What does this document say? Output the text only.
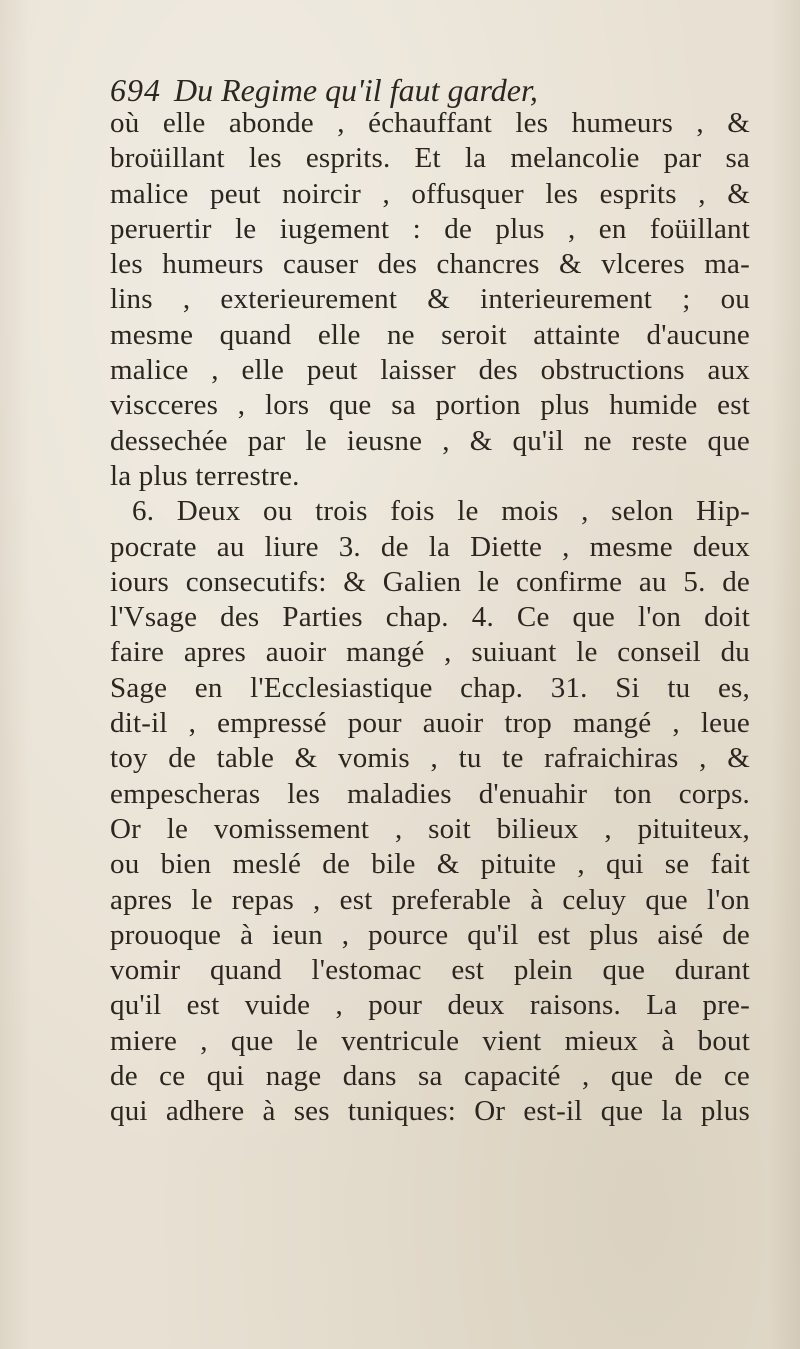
694 Du Regime qu'il faut garder,
où elle abonde , échauffant les humeurs , &
broüillant les esprits. Et la melancolie par sa
malice peut noircir , offusquer les esprits , &
peruertir le iugement : de plus , en foüillant
les humeurs causer des chancres & vlceres ma-
lins , exterieurement & interieurement ; ou
mesme quand elle ne seroit attainte d'aucune
malice , elle peut laisser des obstructions aux
viscceres , lors que sa portion plus humide est
dessechée par le ieusne , & qu'il ne reste que
la plus terrestre.
6. Deux ou trois fois le mois , selon Hip-
pocrate au liure 3. de la Diette , mesme deux
iours consecutifs: & Galien le confirme au 5. de
l'Vsage des Parties chap. 4. Ce que l'on doit
faire apres auoir mangé , suiuant le conseil du
Sage en l'Ecclesiastique chap. 31. Si tu es,
dit-il , empressé pour auoir trop mangé , leue
toy de table & vomis , tu te rafraichiras , &
empescheras les maladies d'enuahir ton corps.
Or le vomissement , soit bilieux , pituiteux,
ou bien meslé de bile & pituite , qui se fait
apres le repas , est preferable à celuy que l'on
prouoque à ieun , pource qu'il est plus aisé de
vomir quand l'estomac est plein que durant
qu'il est vuide , pour deux raisons. La pre-
miere , que le ventricule vient mieux à bout
de ce qui nage dans sa capacité , que de ce
qui adhere à ses tuniques: Or est-il que la plus
